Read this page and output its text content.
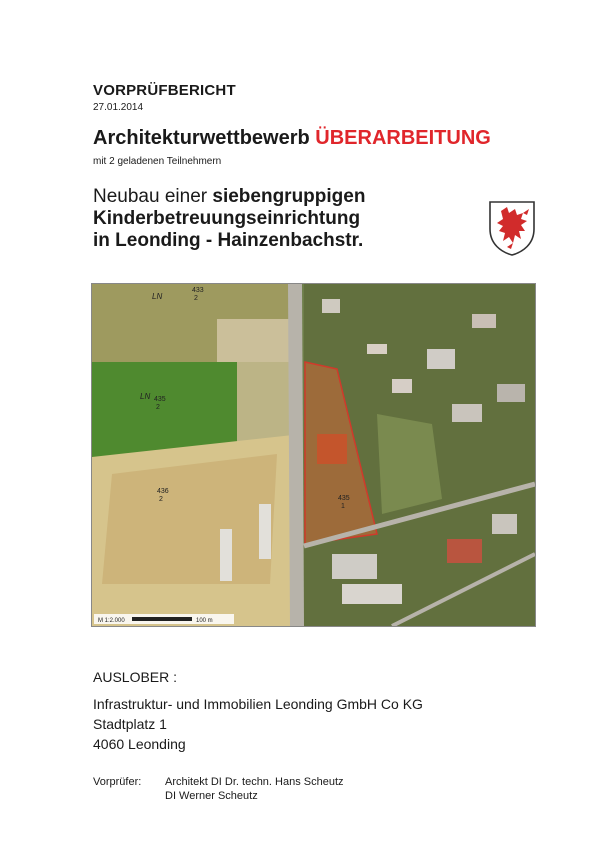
VORPRÜFBERICHT
27.01.2014
Architekturwettbewerb ÜBERARBEITUNG
mit 2 geladenen Teilnehmern
Neubau einer siebengruppigen
Kinderbetreuungseinrichtung
in Leonding - Hainzenbachstr.
LN
433
2
LN 435
2
436
2	435
1
M 1:2.000	100 m
AUSLOBER :
Infrastruktur- und Immobilien Leonding GmbH Co KG
Stadtplatz 1
4060 Leonding
Vorprüfer: Architekt DI Dr. techn. Hans Scheutz
DI Werner Scheutz
